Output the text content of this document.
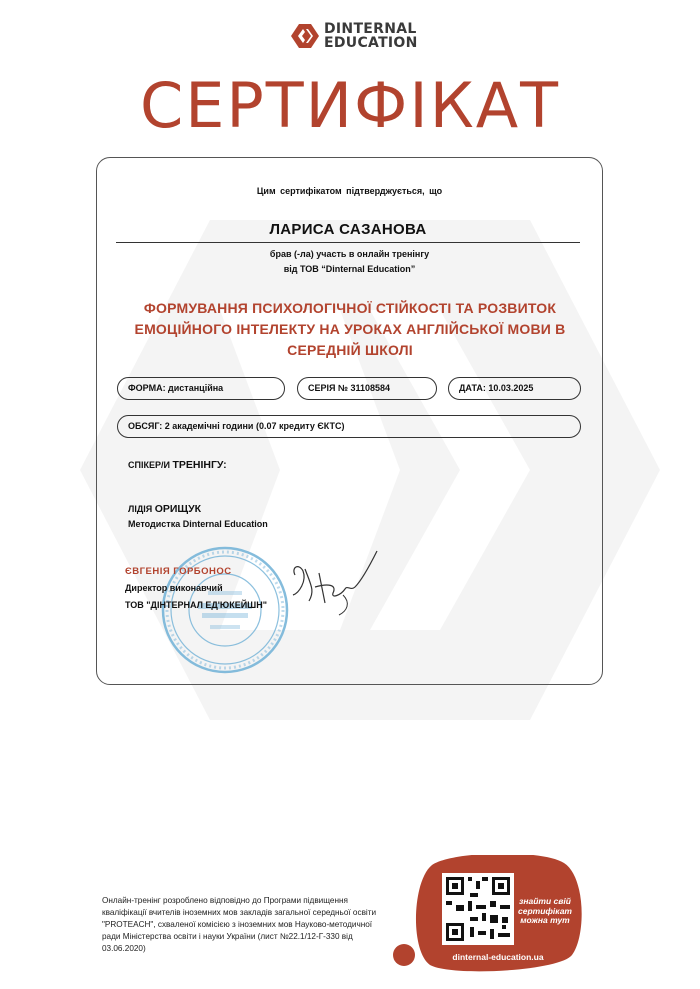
DINTERNAL
EDUCATION
СЕРТИФІКАТ
Цим сертифікатом підтверджується, що
ЛАРИСА САЗАНОВА
брав (-ла) участь в онлайн тренінгу
від ТОВ “Dinternal Education”
ФОРМУВАННЯ ПСИХОЛОГІЧНОЇ СТІЙКОСТІ ТА РОЗВИТОК ЕМОЦІЙНОГО ІНТЕЛЕКТУ НА УРОКАХ АНГЛІЙСЬКОЇ МОВИ В СЕРЕДНІЙ ШКОЛІ
ФОРМА: дистанційна	СЕРІЯ № 31108584	ДАТА: 10.03.2025
ОБСЯГ: 2 академічні години (0.07 кредиту ЄКТС)
СПІКЕР/И ТРЕНІНГУ:
ЛІДІЯ ОРИЩУК
Методистка Dinternal Education
ЄВГЕНІЯ ГОРБОНОС
Директор виконавчий
ТОВ "ДІНТЕРНАЛ ЕД'ЮКЕЙШН"
Онлайн-тренінг розроблено відповідно до Програми підвищення кваліфікації вчителів іноземних мов закладів загальної середньої освіти "PROTEACH", схваленої комісією з іноземних мов Науково-методичної ради Міністерства освіти і науки України (лист №22.1/12-Г-330 від 03.06.2020)
знайти свій сертифікат можна тут
dinternal-education.ua
